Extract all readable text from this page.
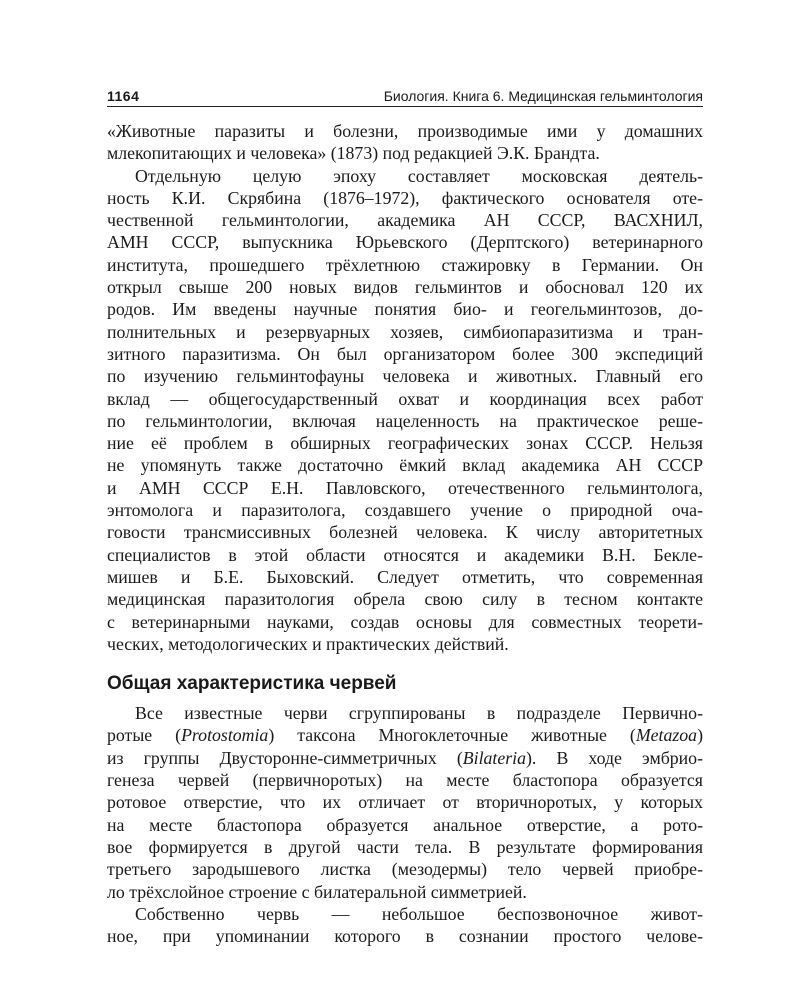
1164	Биология. Книга 6. Медицинская гельминтология
«Животные паразиты и болезни, производимые ими у домашних
млекопитающих и человека» (1873) под редакцией Э.К. Брандта.
Отдельную целую эпоху составляет московская деятель-
ность К.И. Скрябина (1876–1972), фактического основателя оте-
чественной гельминтологии, академика АН СССР, ВАСХНИЛ,
АМН СССР, выпускника Юрьевского (Дерптского) ветеринарного
института, прошедшего трёхлетнюю стажировку в Германии. Он
открыл свыше 200 новых видов гельминтов и обосновал 120 их
родов. Им введены научные понятия био- и геогельминтозов, до-
полнительных и резервуарных хозяев, симбиопаразитизма и тран-
зитного паразитизма. Он был организатором более 300 экспедиций
по изучению гельминтофауны человека и животных. Главный его
вклад — общегосударственный охват и координация всех работ
по гельминтологии, включая нацеленность на практическое реше-
ние её проблем в обширных географических зонах СССР. Нельзя
не упомянуть также достаточно ёмкий вклад академика АН СССР
и АМН СССР Е.Н. Павловского, отечественного гельминтолога,
энтомолога и паразитолога, создавшего учение о природной оча-
говости трансмиссивных болезней человека. К числу авторитетных
специалистов в этой области относятся и академики В.Н. Бекле-
мишев и Б.Е. Быховский. Следует отметить, что современная
медицинская паразитология обрела свою силу в тесном контакте
с ветеринарными науками, создав основы для совместных теорети-
ческих, методологических и практических действий.
Общая характеристика червей
Все известные черви сгруппированы в подразделе Первично-
ротые (Protostomia) таксона Многоклеточные животные (Metazoa)
из группы Двусторонне-симметричных (Bilateria). В ходе эмбрио-
генеза червей (первичноротых) на месте бластопора образуется
ротовое отверстие, что их отличает от вторичноротых, у которых
на месте бластопора образуется анальное отверстие, а рото-
вое формируется в другой части тела. В результате формирования
третьего зародышевого листка (мезодермы) тело червей приобре-
ло трёхслойное строение с билатеральной симметрией.
Собственно червь — небольшое беспозвоночное живот-
ное, при упоминании которого в сознании простого челове-
